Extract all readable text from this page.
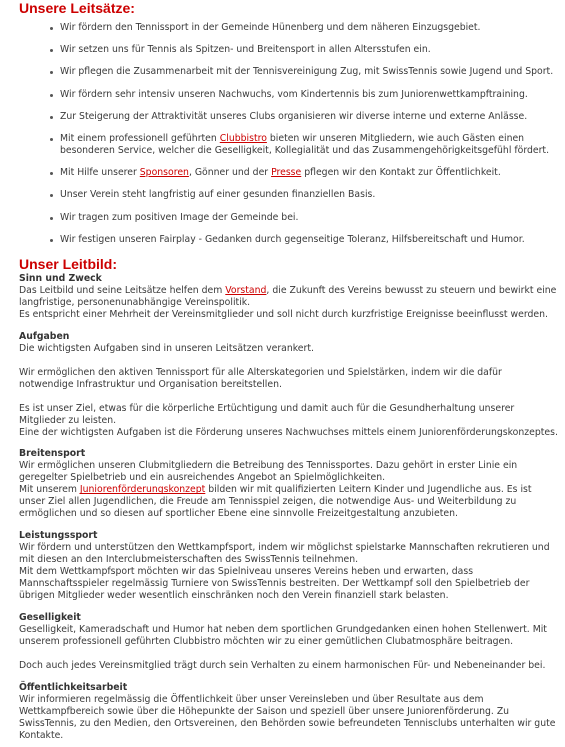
Unsere Leitsätze:
Wir fördern den Tennissport in der Gemeinde Hünenberg und dem näheren Einzugsgebiet.
Wir setzen uns für Tennis als Spitzen- und Breitensport in allen Altersstufen ein.
Wir pflegen die Zusammenarbeit mit der Tennisvereinigung Zug, mit SwissTennis sowie Jugend und Sport.
Wir fördern sehr intensiv unseren Nachwuchs, vom Kindertennis bis zum Juniorenwettkampftraining.
Zur Steigerung der Attraktivität unseres Clubs organisieren wir diverse interne und externe Anlässe.
Mit einem professionell geführten Clubbistro bieten wir unseren Mitgliedern, wie auch Gästen einen besonderen Service, welcher die Geselligkeit, Kollegialität und das Zusammengehörigkeitsgefühl fördert.
Mit Hilfe unserer Sponsoren, Gönner und der Presse pflegen wir den Kontakt zur Öffentlichkeit.
Unser Verein steht langfristig auf einer gesunden finanziellen Basis.
Wir tragen zum positiven Image der Gemeinde bei.
Wir festigen unseren Fairplay - Gedanken durch gegenseitige Toleranz, Hilfsbereitschaft und Humor.
Unser Leitbild:
Sinn und Zweck

Das Leitbild und seine Leitsätze helfen dem Vorstand, die Zukunft des Vereins bewusst zu steuern und bewirkt eine langfristige, personenunabhängige Vereinspolitik.

Es entspricht einer Mehrheit der Vereinsmitglieder und soll nicht durch kurzfristige Ereignisse beeinflusst werden.

Aufgaben

Die wichtigsten Aufgaben sind in unseren Leitsätzen verankert.

Wir ermöglichen den aktiven Tennissport für alle Alterskategorien und Spielstärken, indem wir die dafür notwendige Infrastruktur und Organisation bereitstellen.

Es ist unser Ziel, etwas für die körperliche Ertüchtigung und damit auch für die Gesundherhaltung unserer Mitglieder zu leisten.

Eine der wichtigsten Aufgaben ist die Förderung unseres Nachwuchses mittels einem Juniorenförderungskonzeptes.

Breitensport

Wir ermöglichen unseren Clubmitgliedern die Betreibung des Tennissportes. Dazu gehört in erster Linie ein geregelter Spielbetrieb und ein ausreichendes Angebot an Spielmöglichkeiten.

Mit unserem Juniorenförderungskonzept bilden wir mit qualifizierten Leitern Kinder und Jugendliche aus. Es ist unser Ziel allen Jugendlichen, die Freude am Tennisspiel zeigen, die notwendige Aus- und Weiterbildung zu ermöglichen und so diesen auf sportlicher Ebene eine sinnvolle Freizeitgestaltung anzubieten.

Leistungssport

Wir fördern und unterstützen den Wettkampfsport, indem wir möglichst spielstarke Mannschaften rekrutieren und mit diesen an den Interclubmeisterschaften des SwissTennis teilnehmen.

Mit dem Wettkampfsport möchten wir das Spielniveau unseres Vereins heben und erwarten, dass Mannschaftsspieler regelmässig Turniere von SwissTennis bestreiten. Der Wettkampf soll den Spielbetrieb der übrigen Mitglieder weder wesentlich einschränken noch den Verein finanziell stark belasten.

Geselligkeit

Geselligkeit, Kameradschaft und Humor hat neben dem sportlichen Grundgedanken einen hohen Stellenwert. Mit unserem professionell geführten Clubbistro möchten wir zu einer gemütlichen Clubatmosphäre beitragen.

Doch auch jedes Vereinsmitglied trägt durch sein Verhalten zu einem harmonischen Für- und Nebeneinander bei.

Öffentlichkeitsarbeit

Wir informieren regelmässig die Öffentlichkeit über unser Vereinsleben und über Resultate aus dem Wettkampfbereich sowie über die Höhepunkte der Saison und speziell über unsere Juniorenförderung. Zu SwissTennis, zu den Medien, den Ortsvereinen, den Behörden sowie befreundeten Tennisclubs unterhalten wir gute Kontakte.
